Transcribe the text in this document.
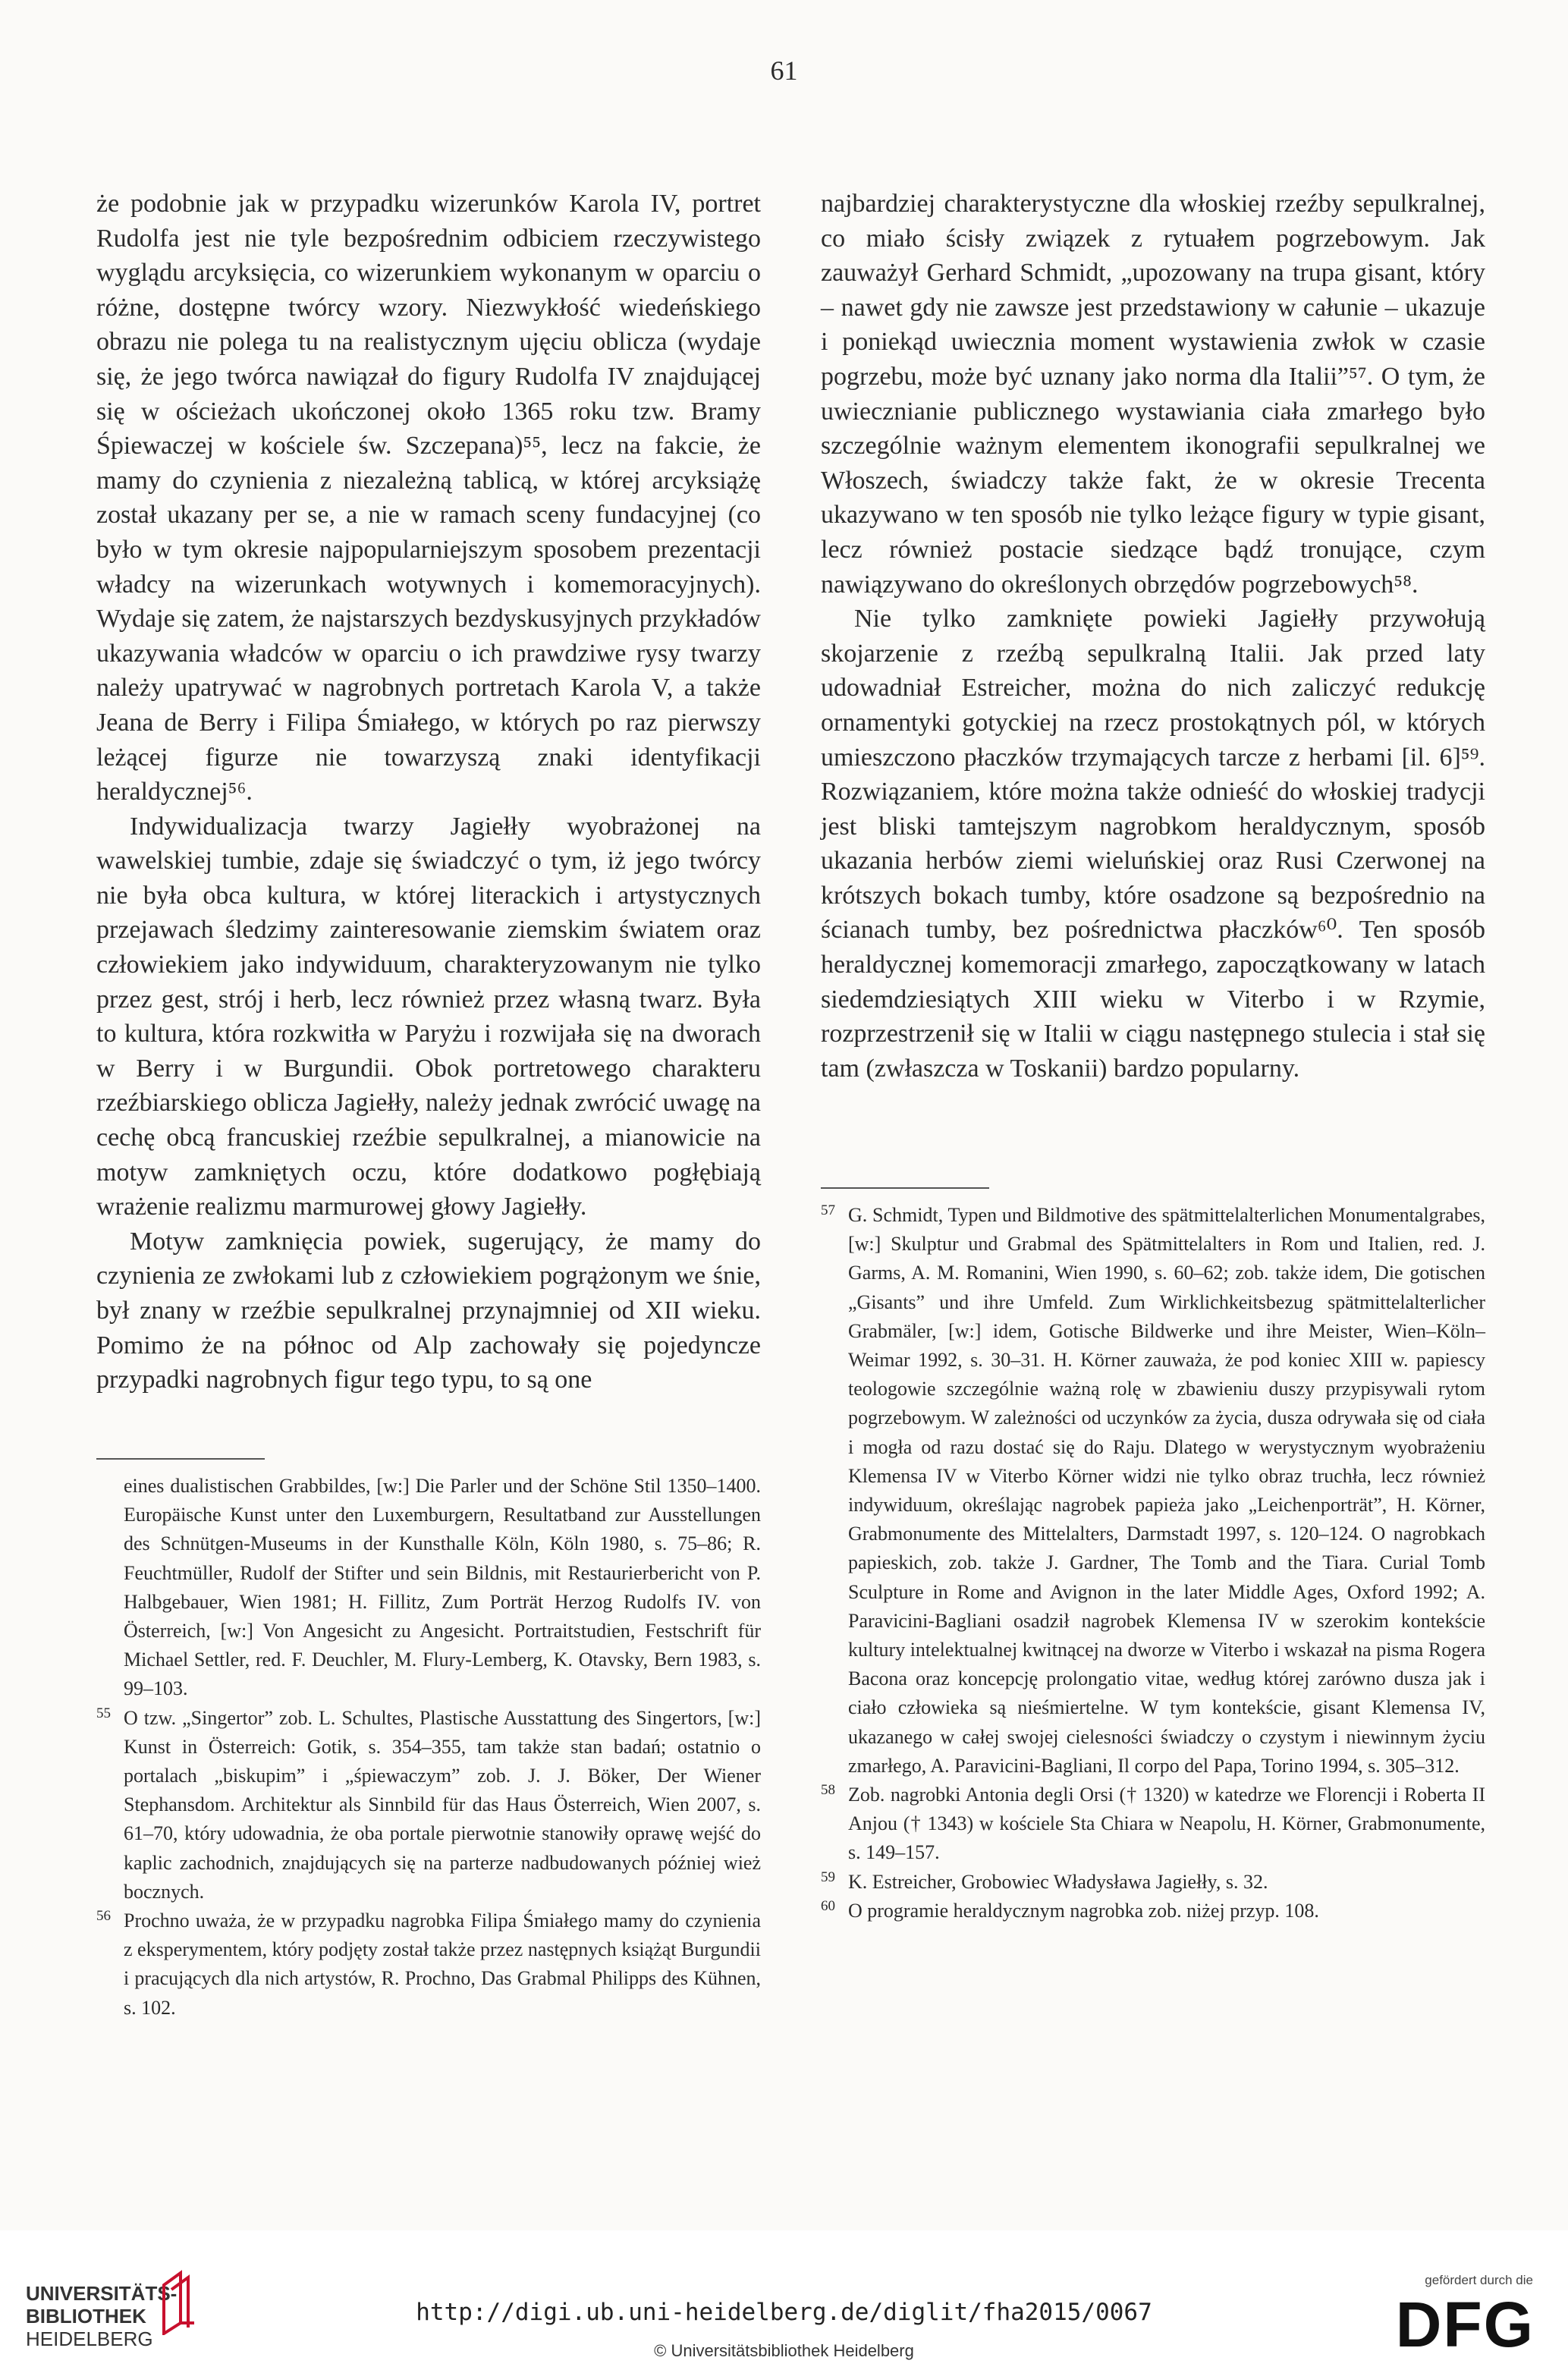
61

że podobnie jak w przypadku wizerunków Karola IV, portret Rudolfa jest nie tyle bezpośrednim odbiciem rzeczywistego wyglądu arcyksięcia, co wizerunkiem wykonanym w oparciu o różne, dostępne twórcy wzory. Niezwykłość wiedeńskiego obrazu nie polega tu na realistycznym ujęciu oblicza (wydaje się, że jego twórca nawiązał do figury Rudolfa IV znajdującej się w ościeżach ukończonej około 1365 roku tzw. Bramy Śpiewaczej w kościele św. Szczepana)⁵⁵, lecz na fakcie, że mamy do czynienia z niezależną tablicą, w której arcyksiążę został ukazany per se, a nie w ramach sceny fundacyjnej (co było w tym okresie najpopularniejszym sposobem prezentacji władcy na wizerunkach wotywnych i komemoracyjnych). Wydaje się zatem, że najstarszych bezdyskusyjnych przykładów ukazywania władców w oparciu o ich prawdziwe rysy twarzy należy upatrywać w nagrobnych portretach Karola V, a także Jeana de Berry i Filipa Śmiałego, w których po raz pierwszy leżącej figurze nie towarzyszą znaki identyfikacji heraldycznej⁵⁶.

Indywidualizacja twarzy Jagiełły wyobrażonej na wawelskiej tumbie, zdaje się świadczyć o tym, iż jego twórcy nie była obca kultura, w której literackich i artystycznych przejawach śledzimy zainteresowanie ziemskim światem oraz człowiekiem jako indywiduum, charakteryzowanym nie tylko przez gest, strój i herb, lecz również przez własną twarz. Była to kultura, która rozkwitła w Paryżu i rozwijała się na dworach w Berry i w Burgundii. Obok portretowego charakteru rzeźbiarskiego oblicza Jagiełły, należy jednak zwrócić uwagę na cechę obcą francuskiej rzeźbie sepulkralnej, a mianowicie na motyw zamkniętych oczu, które dodatkowo pogłębiają wrażenie realizmu marmurowej głowy Jagiełły.

Motyw zamknięcia powiek, sugerujący, że mamy do czynienia ze zwłokami lub z człowiekiem pogrążonym we śnie, był znany w rzeźbie sepulkralnej przynajmniej od XII wieku. Pomimo że na północ od Alp zachowały się pojedyncze przypadki nagrobnych figur tego typu, to są one

najbardziej charakterystyczne dla włoskiej rzeźby sepulkralnej, co miało ścisły związek z rytuałem pogrzebowym. Jak zauważył Gerhard Schmidt, „upozowany na trupa gisant, który – nawet gdy nie zawsze jest przedstawiony w całunie – ukazuje i poniekąd uwiecznia moment wystawienia zwłok w czasie pogrzebu, może być uznany jako norma dla Italii”⁵⁷. O tym, że uwiecznianie publicznego wystawiania ciała zmarłego było szczególnie ważnym elementem ikonografii sepulkralnej we Włoszech, świadczy także fakt, że w okresie Trecenta ukazywano w ten sposób nie tylko leżące figury w typie gisant, lecz również postacie siedzące bądź tronujące, czym nawiązywano do określonych obrzędów pogrzebowych⁵⁸.

Nie tylko zamknięte powieki Jagiełły przywołują skojarzenie z rzeźbą sepulkralną Italii. Jak przed laty udowadniał Estreicher, można do nich zaliczyć redukcję ornamentyki gotyckiej na rzecz prostokątnych pól, w których umieszczono płaczków trzymających tarcze z herbami [il. 6]⁵⁹. Rozwiązaniem, które można także odnieść do włoskiej tradycji jest bliski tamtejszym nagrobkom heraldycznym, sposób ukazania herbów ziemi wieluńskiej oraz Rusi Czerwonej na krótszych bokach tumby, które osadzone są bezpośrednio na ścianach tumby, bez pośrednictwa płaczków⁶⁰. Ten sposób heraldycznej komemoracji zmarłego, zapoczątkowany w latach siedemdziesiątych XIII wieku w Viterbo i w Rzymie, rozprzestrzenił się w Italii w ciągu następnego stulecia i stał się tam (zwłaszcza w Toskanii) bardzo popularny.

eines dualistischen Grabbildes, [w:] Die Parler und der Schöne Stil 1350–1400. Europäische Kunst unter den Luxemburgern, Resultatband zur Ausstellungen des Schnütgen-Museums in der Kunsthalle Köln, Köln 1980, s. 75–86; R. Feuchtmüller, Rudolf der Stifter und sein Bildnis, mit Restaurierbericht von P. Halbgebauer, Wien 1981; H. Fillitz, Zum Porträt Herzog Rudolfs IV. von Österreich, [w:] Von Angesicht zu Angesicht. Portraitstudien, Festschrift für Michael Settler, red. F. Deuchler, M. Flury-Lemberg, K. Otavsky, Bern 1983, s. 99–103.
55 O tzw. „Singertor” zob. L. Schultes, Plastische Ausstattung des Singertors, [w:] Kunst in Österreich: Gotik, s. 354–355, tam także stan badań; ostatnio o portalach „biskupim” i „śpiewaczym” zob. J. J. Böker, Der Wiener Stephansdom. Architektur als Sinnbild für das Haus Österreich, Wien 2007, s. 61–70, który udowadnia, że oba portale pierwotnie stanowiły oprawę wejść do kaplic zachodnich, znajdujących się na parterze nadbudowanych później wież bocznych.
56 Prochno uważa, że w przypadku nagrobka Filipa Śmiałego mamy do czynienia z eksperymentem, który podjęty został także przez następnych książąt Burgundii i pracujących dla nich artystów, R. Prochno, Das Grabmal Philipps des Kühnen, s. 102.
57 G. Schmidt, Typen und Bildmotive des spätmittelalterlichen Monumentalgrabes, [w:] Skulptur und Grabmal des Spätmittelalters in Rom und Italien, red. J. Garms, A. M. Romanini, Wien 1990, s. 60–62; zob. także idem, Die gotischen „Gisants” und ihre Umfeld. Zum Wirklichkeitsbezug spätmittelalterlicher Grabmäler, [w:] idem, Gotische Bildwerke und ihre Meister, Wien–Köln–Weimar 1992, s. 30–31. H. Körner zauważa, że pod koniec XIII w. papiescy teologowie szczególnie ważną rolę w zbawieniu duszy przypisywali rytom pogrzebowym. W zależności od uczynków za życia, dusza odrywała się od ciała i mogła od razu dostać się do Raju. Dlatego w werystycznym wyobrażeniu Klemensa IV w Viterbo Körner widzi nie tylko obraz truchła, lecz również indywiduum, określając nagrobek papieża jako „Leichenporträt”, H. Körner, Grabmonumente des Mittelalters, Darmstadt 1997, s. 120–124. O nagrobkach papieskich, zob. także J. Gardner, The Tomb and the Tiara. Curial Tomb Sculpture in Rome and Avignon in the later Middle Ages, Oxford 1992; A. Paravicini-Bagliani osadził nagrobek Klemensa IV w szerokim kontekście kultury intelektualnej kwitnącej na dworze w Viterbo i wskazał na pisma Rogera Bacona oraz koncepcję prolongatio vitae, według której zarówno dusza jak i ciało człowieka są nieśmiertelne. W tym kontekście, gisant Klemensa IV, ukazanego w całej swojej cielesności świadczy o czystym i niewinnym życiu zmarłego, A. Paravicini-Bagliani, Il corpo del Papa, Torino 1994, s. 305–312.
58 Zob. nagrobki Antonia degli Orsi († 1320) w katedrze we Florencji i Roberta II Anjou († 1343) w kościele Sta Chiara w Neapolu, H. Körner, Grabmonumente, s. 149–157.
59 K. Estreicher, Grobowiec Władysława Jagiełły, s. 32.
60 O programie heraldycznym nagrobka zob. niżej przyp. 108.
UNIVERSITÄTS-
BIBLIOTHEK
HEIDELBERG
http://digi.ub.uni-heidelberg.de/diglit/fha2015/0067
© Universitätsbibliothek Heidelberg
gefördert durch die
DFG
